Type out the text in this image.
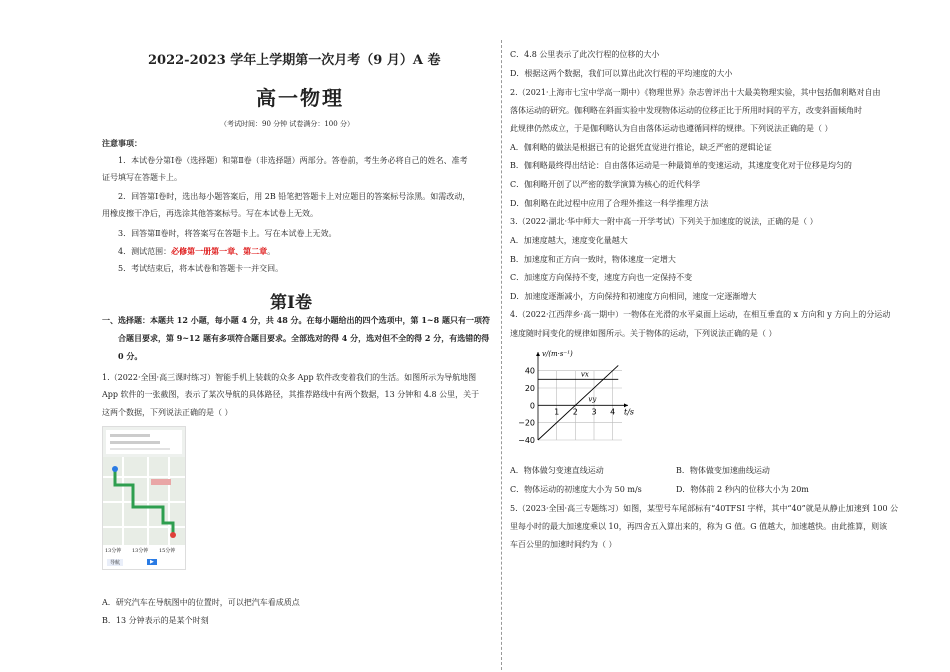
2022-2023 学年上学期第一次月考（9 月）A 卷
高一物理
（考试时间：90 分钟 试卷满分：100 分）
注意事项：
1．本试卷分第Ⅰ卷（选择题）和第Ⅱ卷（非选择题）两部分。答卷前，考生务必将自己的姓名、准考
证号填写在答题卡上。
2．回答第Ⅰ卷时，选出每小题答案后，用 2B 铅笔把答题卡上对应题目的答案标号涂黑。如需改动，
用橡皮擦干净后，再选涂其他答案标号。写在本试卷上无效。
3．回答第Ⅱ卷时，将答案写在答题卡上。写在本试卷上无效。
4．测试范围：必修第一册第一章、第二章。
5．考试结束后，将本试卷和答题卡一并交回。
第Ⅰ卷
一、选择题：本题共 12 小题，每小题 4 分，共 48 分。在每小题给出的四个选项中，第 1~8 题只有一项符
合题目要求，第 9~12 题有多项符合题目要求。全部选对的得 4 分，选对但不全的得 2 分，有选错的得
0 分。
1.（2022·全国·高三课时练习）智能手机上装载的众多 App 软件改变着我们的生活。如图所示为导航地图
App 软件的一张截图，表示了某次导航的具体路径，其推荐路线中有两个数据，13 分钟和 4.8 公里，关于
这两个数据，下列说法正确的是（ ）
13分钟 13分钟 15分钟
导航	▶
A．研究汽车在导航图中的位置时，可以把汽车看成质点
B．13 分钟表示的是某个时刻
C．4.8 公里表示了此次行程的位移的大小
D．根据这两个数据，我们可以算出此次行程的平均速度的大小
2.（2021·上海市七宝中学高一期中）《物理世界》杂志曾评出十大最美物理实验，其中包括伽利略对自由
落体运动的研究。伽利略在斜面实验中发现物体运动的位移正比于所用时间的平方，改变斜面倾角时
此规律仍然成立，于是伽利略认为自由落体运动也遵循同样的规律。下列说法正确的是（ ）
A．伽利略的做法是根据已有的论据凭直觉进行推论，缺乏严密的逻辑论证
B．伽利略最终得出结论：自由落体运动是一种最简单的变速运动，其速度变化对于位移是均匀的
C．伽利略开创了以严密的数学演算为核心的近代科学
D．伽利略在此过程中应用了合理外推这一科学推理方法
3.（2022·湖北·华中师大一附中高一开学考试）下列关于加速度的说法，正确的是（ ）
A．加速度越大，速度变化量越大
B．加速度和正方向一致时，物体速度一定增大
C．加速度方向保持不变，速度方向也一定保持不变
D．加速度逐渐减小，方向保持和初速度方向相同，速度一定逐渐增大
4.（2022·江西萍乡·高一期中）一物体在光滑的水平桌面上运动，在相互垂直的 x 方向和 y 方向上的分运动
速度随时间变化的规律如图所示。关于物体的运动，下列说法正确的是（ ）
40
20
0
−20
−40
1 2 3 4
v/(m·s⁻¹)
t/s
vx
vy
A．物体做匀变速直线运动	B．物体做变加速曲线运动
C．物体运动的初速度大小为 50 m/s	D．物体前 2 秒内的位移大小为 20m
5.（2023·全国·高三专题练习）如图，某型号车尾部标有“40TFSI 字样，其中“40”就是从静止加速到 100 公
里每小时的最大加速度乘以 10，再四舍五入算出来的，称为 G 值。G 值越大，加速越快。由此推算，则该
车百公里的加速时间约为（ ）
